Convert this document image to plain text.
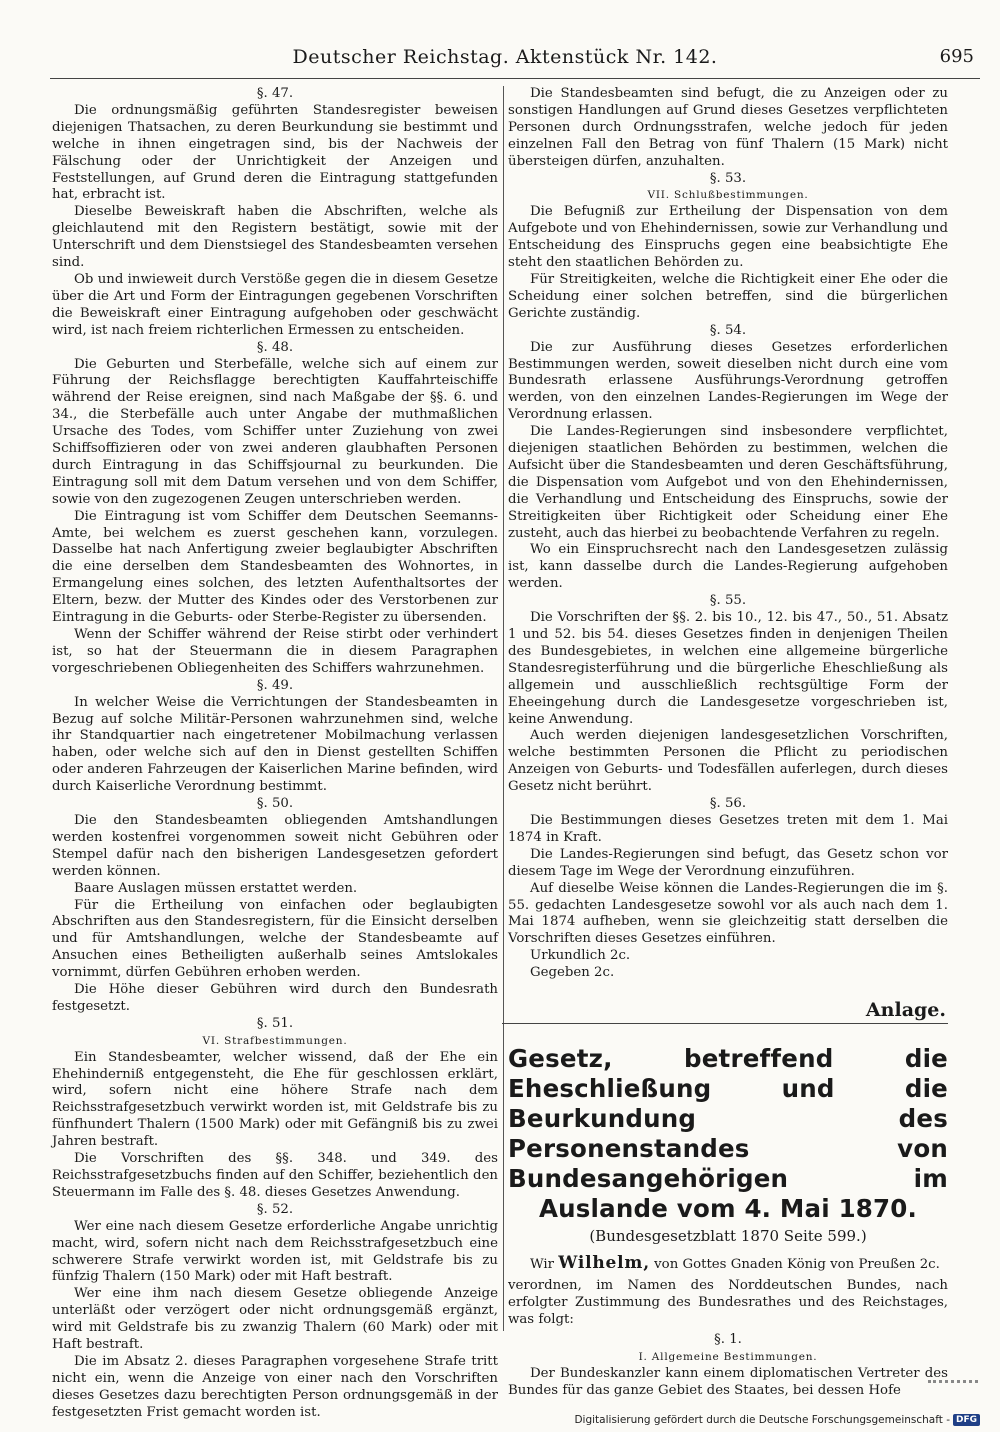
Deutscher Reichstag. Aktenstück Nr. 142.	695
§. 47.

Die ordnungsmäßig geführten Standesregister beweisen diejenigen Thatsachen, zu deren Beurkundung sie bestimmt und welche in ihnen eingetragen sind, bis der Nachweis der Fälschung oder der Unrichtigkeit der Anzeigen und Feststellungen, auf Grund deren die Eintragung stattgefunden hat, erbracht ist.

Dieselbe Beweiskraft haben die Abschriften, welche als gleichlautend mit den Registern bestätigt, sowie mit der Unterschrift und dem Dienstsiegel des Standesbeamten versehen sind.

Ob und inwieweit durch Verstöße gegen die in diesem Gesetze über die Art und Form der Eintragungen gegebenen Vorschriften die Beweiskraft einer Eintragung aufgehoben oder geschwächt wird, ist nach freiem richterlichen Ermessen zu entscheiden.

§. 48.

Die Geburten und Sterbefälle, welche sich auf einem zur Führung der Reichsflagge berechtigten Kauffahrteischiffe während der Reise ereignen, sind nach Maßgabe der §§. 6. und 34., die Sterbefälle auch unter Angabe der muthmaßlichen Ursache des Todes, vom Schiffer unter Zuziehung von zwei Schiffsoffizieren oder von zwei anderen glaubhaften Personen durch Eintragung in das Schiffsjournal zu beurkunden. Die Eintragung soll mit dem Datum versehen und von dem Schiffer, sowie von den zugezogenen Zeugen unterschrieben werden.

Die Eintragung ist vom Schiffer dem Deutschen Seemanns-Amte, bei welchem es zuerst geschehen kann, vorzulegen. Dasselbe hat nach Anfertigung zweier beglaubigter Abschriften die eine derselben dem Standesbeamten des Wohnortes, in Ermangelung eines solchen, des letzten Aufenthaltsortes der Eltern, bezw. der Mutter des Kindes oder des Verstorbenen zur Eintragung in die Geburts- oder Sterbe-Register zu übersenden.

Wenn der Schiffer während der Reise stirbt oder verhindert ist, so hat der Steuermann die in diesem Paragraphen vorgeschriebenen Obliegenheiten des Schiffers wahrzunehmen.

§. 49.

In welcher Weise die Verrichtungen der Standesbeamten in Bezug auf solche Militär-Personen wahrzunehmen sind, welche ihr Standquartier nach eingetretener Mobilmachung verlassen haben, oder welche sich auf den in Dienst gestellten Schiffen oder anderen Fahrzeugen der Kaiserlichen Marine befinden, wird durch Kaiserliche Verordnung bestimmt.

§. 50.

Die den Standesbeamten obliegenden Amtshandlungen werden kostenfrei vorgenommen soweit nicht Gebühren oder Stempel dafür nach den bisherigen Landesgesetzen gefordert werden können.

Baare Auslagen müssen erstattet werden.

Für die Ertheilung von einfachen oder beglaubigten Abschriften aus den Standesregistern, für die Einsicht derselben und für Amtshandlungen, welche der Standesbeamte auf Ansuchen eines Betheiligten außerhalb seines Amtslokales vornimmt, dürfen Gebühren erhoben werden.

Die Höhe dieser Gebühren wird durch den Bundesrath festgesetzt.

§. 51.
VI. Strafbestimmungen.

Ein Standesbeamter, welcher wissend, daß der Ehe ein Ehehinderniß entgegensteht, die Ehe für geschlossen erklärt, wird, sofern nicht eine höhere Strafe nach dem Reichsstrafgesetzbuch verwirkt worden ist, mit Geldstrafe bis zu fünfhundert Thalern (1500 Mark) oder mit Gefängniß bis zu zwei Jahren bestraft.

Die Vorschriften des §§. 348. und 349. des Reichsstrafgesetzbuchs finden auf den Schiffer, beziehentlich den Steuermann im Falle des §. 48. dieses Gesetzes Anwendung.

§. 52.

Wer eine nach diesem Gesetze erforderliche Angabe unrichtig macht, wird, sofern nicht nach dem Reichsstrafgesetzbuch eine schwerere Strafe verwirkt worden ist, mit Geldstrafe bis zu fünfzig Thalern (150 Mark) oder mit Haft bestraft.

Wer eine ihm nach diesem Gesetze obliegende Anzeige unterläßt oder verzögert oder nicht ordnungsgemäß ergänzt, wird mit Geldstrafe bis zu zwanzig Thalern (60 Mark) oder mit Haft bestraft.

Die im Absatz 2. dieses Paragraphen vorgesehene Strafe tritt nicht ein, wenn die Anzeige von einer nach den Vorschriften dieses Gesetzes dazu berechtigten Person ordnungsgemäß in der festgesetzten Frist gemacht worden ist.

Die Standesbeamten sind befugt, die zu Anzeigen oder zu sonstigen Handlungen auf Grund dieses Gesetzes verpflichteten Personen durch Ordnungsstrafen, welche jedoch für jeden einzelnen Fall den Betrag von fünf Thalern (15 Mark) nicht übersteigen dürfen, anzuhalten.

§. 53.
VII. Schlußbestimmungen.

Die Befugniß zur Ertheilung der Dispensation von dem Aufgebote und von Ehehindernissen, sowie zur Verhandlung und Entscheidung des Einspruchs gegen eine beabsichtigte Ehe steht den staatlichen Behörden zu.

Für Streitigkeiten, welche die Richtigkeit einer Ehe oder die Scheidung einer solchen betreffen, sind die bürgerlichen Gerichte zuständig.

§. 54.

Die zur Ausführung dieses Gesetzes erforderlichen Bestimmungen werden, soweit dieselben nicht durch eine vom Bundesrath erlassene Ausführungs-Verordnung getroffen werden, von den einzelnen Landes-Regierungen im Wege der Verordnung erlassen.

Die Landes-Regierungen sind insbesondere verpflichtet, diejenigen staatlichen Behörden zu bestimmen, welchen die Aufsicht über die Standesbeamten und deren Geschäftsführung, die Dispensation vom Aufgebot und von den Ehehindernissen, die Verhandlung und Entscheidung des Einspruchs, sowie der Streitigkeiten über Richtigkeit oder Scheidung einer Ehe zusteht, auch das hierbei zu beobachtende Verfahren zu regeln.

Wo ein Einspruchsrecht nach den Landesgesetzen zulässig ist, kann dasselbe durch die Landes-Regierung aufgehoben werden.

§. 55.

Die Vorschriften der §§. 2. bis 10., 12. bis 47., 50., 51. Absatz 1 und 52. bis 54. dieses Gesetzes finden in denjenigen Theilen des Bundesgebietes, in welchen eine allgemeine bürgerliche Standesregisterführung und die bürgerliche Eheschließung als allgemein und ausschließlich rechtsgültige Form der Eheeingehung durch die Landesgesetze vorgeschrieben ist, keine Anwendung.

Auch werden diejenigen landesgesetzlichen Vorschriften, welche bestimmten Personen die Pflicht zu periodischen Anzeigen von Geburts- und Todesfällen auferlegen, durch dieses Gesetz nicht berührt.

§. 56.

Die Bestimmungen dieses Gesetzes treten mit dem 1. Mai 1874 in Kraft.

Die Landes-Regierungen sind befugt, das Gesetz schon vor diesem Tage im Wege der Verordnung einzuführen.

Auf dieselbe Weise können die Landes-Regierungen die im §. 55. gedachten Landesgesetze sowohl vor als auch nach dem 1. Mai 1874 aufheben, wenn sie gleichzeitig statt derselben die Vorschriften dieses Gesetzes einführen.

Urkundlich 2c.

Gegeben 2c.

Anlage.
Gesetz, betreffend die Eheschließung und die Beurkundung des Personenstandes von Bundesangehörigen im Auslande vom 4. Mai 1870.
(Bundesgesetzblatt 1870 Seite 599.)

Wir Wilhelm, von Gottes Gnaden König von Preußen 2c.

verordnen, im Namen des Norddeutschen Bundes, nach erfolgter Zustimmung des Bundesrathes und des Reichstages, was folgt:

§. 1.

I. Allgemeine Bestimmungen.

Der Bundeskanzler kann einem diplomatischen Vertreter des Bundes für das ganze Gebiet des Staates, bei dessen Hofe

Digitalisierung gefördert durch die Deutsche Forschungsgemeinschaft - DFG
